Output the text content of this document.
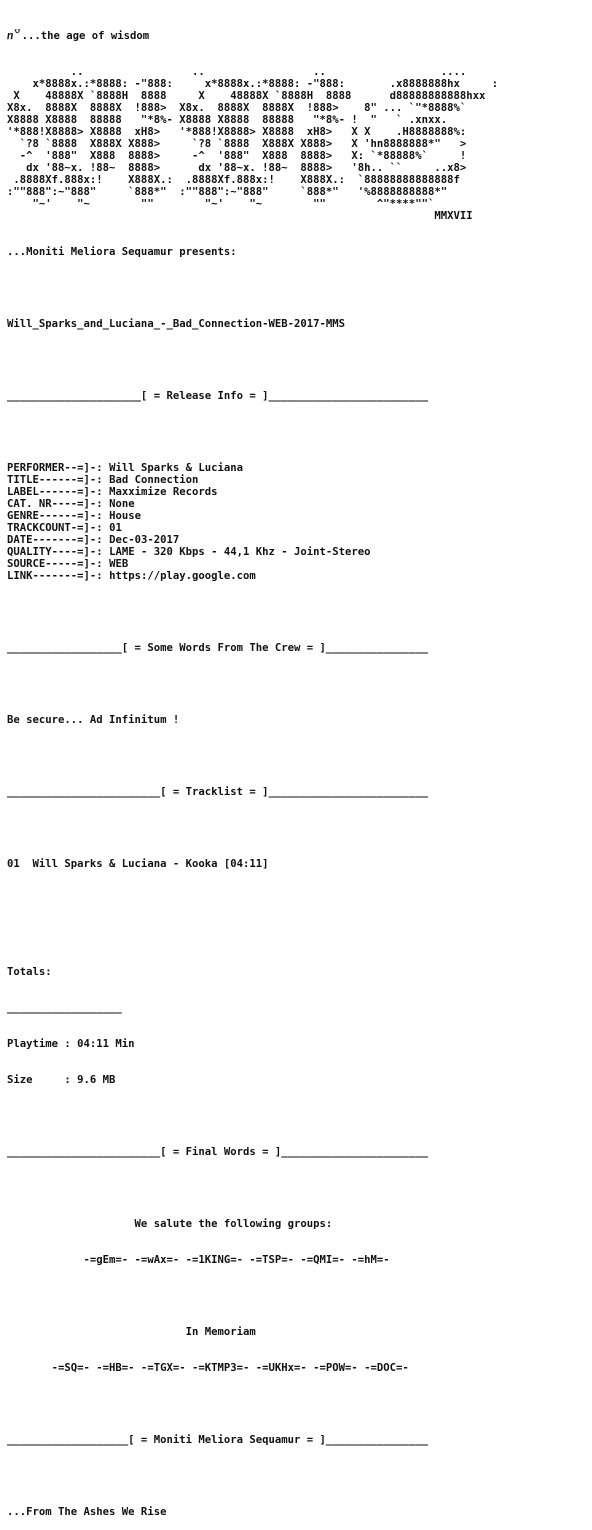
ⴖ꒵...the age of wisdom

..                 ..                 ..                  ....
x*8888x.:*8888: -"888:     x*8888x.:*8888: -"888:       .x8888888hx     :
X    48888X `8888H  8888     X    48888X `8888H  8888      d88888888888hxx
X8x.  8888X  8888X  !888>  X8x.  8888X  8888X  !888>    8" ... `"*8888%`
X8888 X8888  88888   "*8%- X8888 X8888  88888   "*8%- !  "   ` .xnxx.
'*888!X8888> X8888  xH8>   '*888!X8888> X8888  xH8>   X X    .H8888888%:
`?8 `8888  X888X X888>     `?8 `8888  X888X X888>   X 'hn8888888*"   >
-^  '888"  X888  8888>     -^  '888"  X888  8888>   X: `*88888%`     !
dx '88~x. !88~  8888>      dx '88~x. !88~  8888>   '8h.. ``     ..x8>
.8888Xf.888x:!    X888X.:  .8888Xf.888x:!    X888X.:  `88888888888888f
:""888":~"888"     `888*"  :""888":~"888"     `888*"   '%8888888888*"
"~'    "~        ""        "~'    "~        ""        ^"****""`
MMXVII

...Moniti Meliora Sequamur presents:

Will_Sparks_and_Luciana_-_Bad_Connection-WEB-2017-MMS

_____________________[ = Release Info = ]_________________________

PERFORMER--=]-: Will Sparks & Luciana
TITLE------=]-: Bad Connection
LABEL------=]-: Maxximize Records
CAT. NR----=]-: None
GENRE------=]-: House
TRACKCOUNT-=]-: 01
DATE-------=]-: Dec-03-2017
QUALITY----=]-: LAME - 320 Kbps - 44,1 Khz - Joint-Stereo
SOURCE-----=]-: WEB
LINK-------=]-: https://play.google.com

__________________[ = Some Words From The Crew = ]________________

Be secure... Ad Infinitum !

________________________[ = Tracklist = ]_________________________

01  Will Sparks & Luciana - Kooka [04:11]

Totals:

__________________

Playtime : 04:11 Min

Size     : 9.6 MB

________________________[ = Final Words = ]_______________________

We salute the following groups:

-=gEm=- -=wAx=- -=1KING=- -=TSP=- -=QMI=- -=hM=-

In Memoriam

-=SQ=- -=HB=- -=TGX=- -=KTMP3=- -=UKHx=- -=POW=- -=DOC=-

___________________[ = Moniti Meliora Sequamur = ]________________

...From The Ashes We Rise
